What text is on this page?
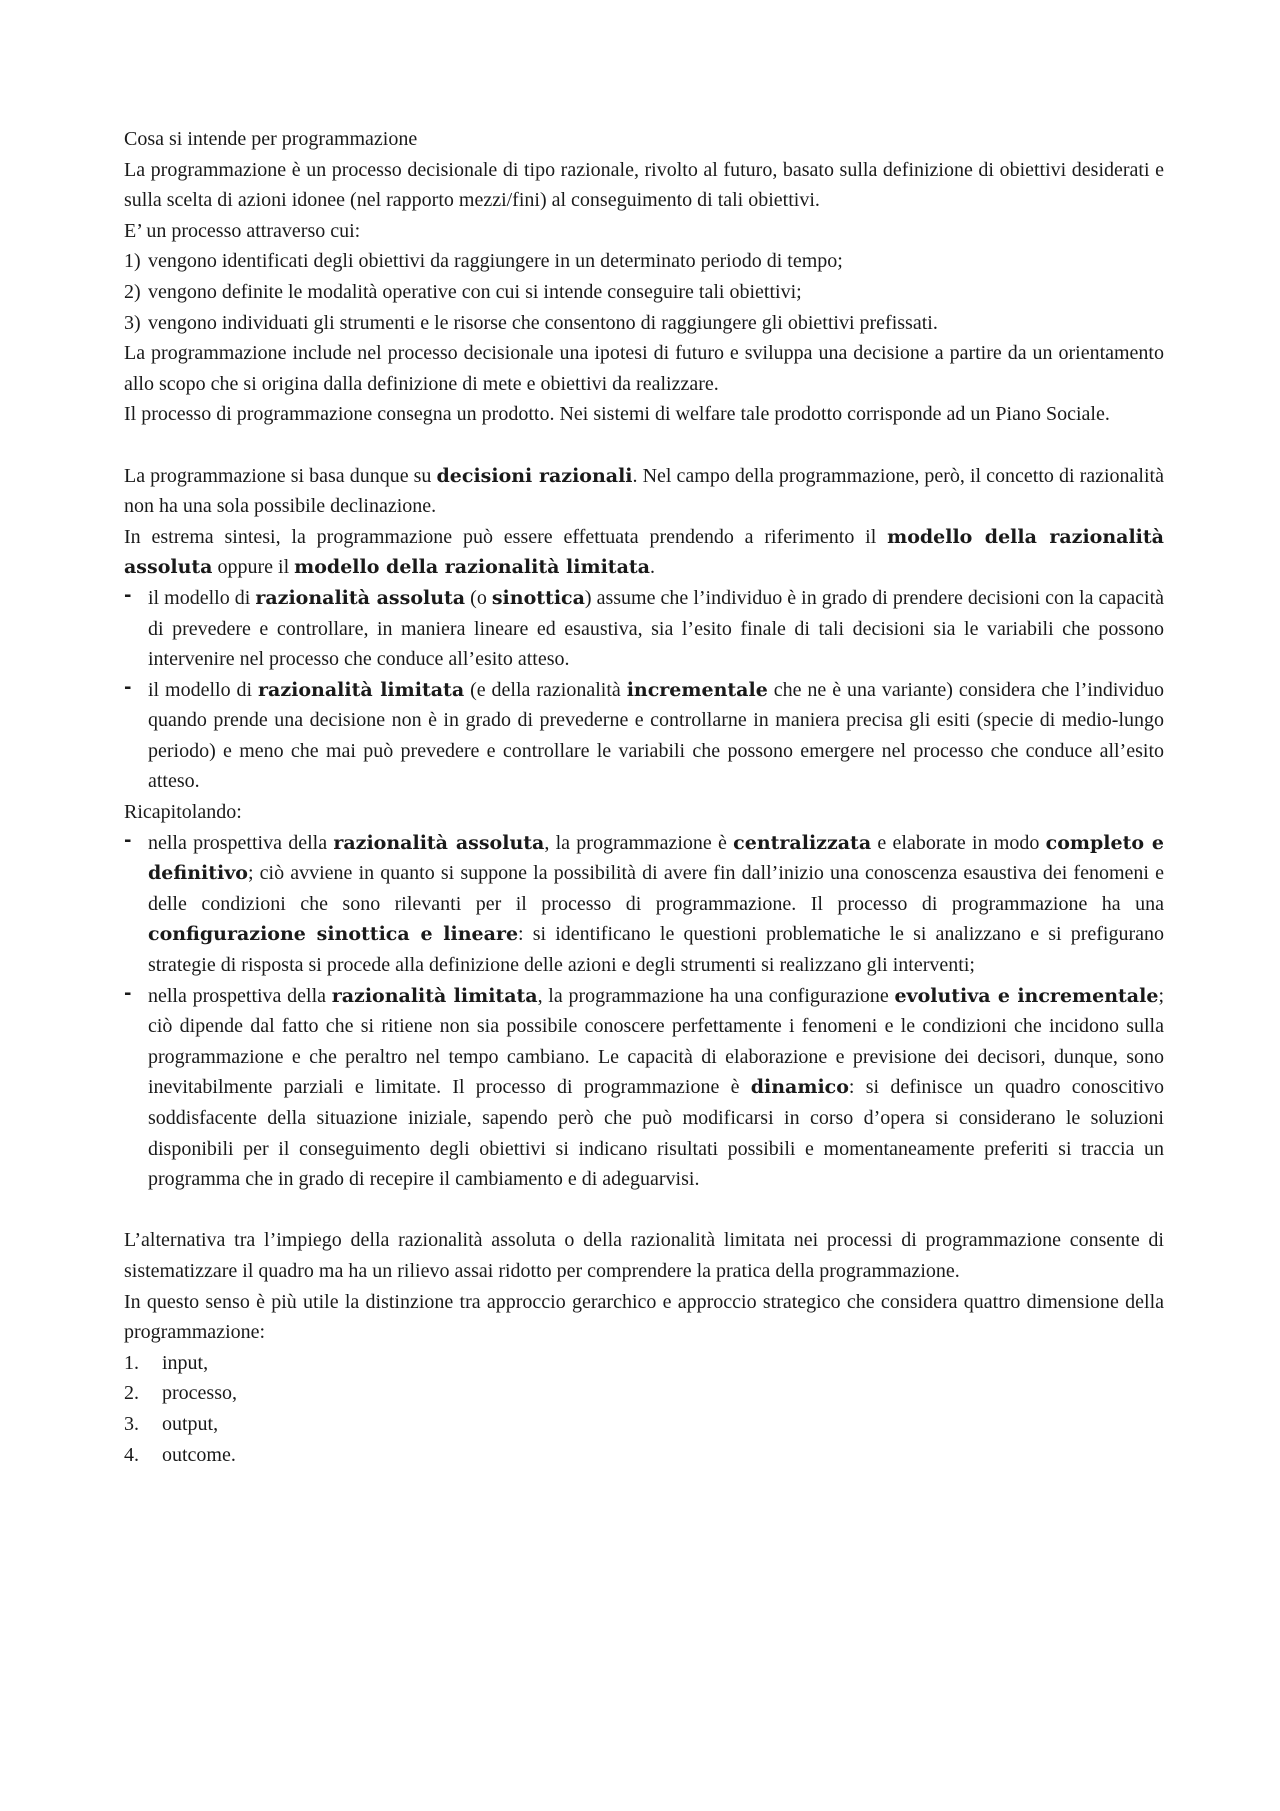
Cosa si intende per programmazione

La programmazione è un processo decisionale di tipo razionale, rivolto al futuro, basato sulla definizione di obiettivi desiderati e sulla scelta di azioni idonee (nel rapporto mezzi/fini) al conseguimento di tali obiettivi.

E’ un processo attraverso cui:

1) vengono identificati degli obiettivi da raggiungere in un determinato periodo di tempo;
2) vengono definite le modalità operative con cui si intende conseguire tali obiettivi;
3) vengono individuati gli strumenti e le risorse che consentono di raggiungere gli obiettivi prefissati.

La programmazione include nel processo decisionale una ipotesi di futuro e sviluppa una decisione a partire da un orientamento allo scopo che si origina dalla definizione di mete e obiettivi da realizzare.

Il processo di programmazione consegna un prodotto. Nei sistemi di welfare tale prodotto corrisponde ad un Piano Sociale.

La programmazione si basa dunque su decisioni razionali. Nel campo della programmazione, però, il concetto di razionalità non ha una sola possibile declinazione.

In estrema sintesi, la programmazione può essere effettuata prendendo a riferimento il modello della razionalità assoluta oppure il modello della razionalità limitata.

- il modello di razionalità assoluta (o sinottica) assume che l’individuo è in grado di prendere decisioni con la capacità di prevedere e controllare, in maniera lineare ed esaustiva, sia l’esito finale di tali decisioni sia le variabili che possono intervenire nel processo che conduce all’esito atteso.
- il modello di razionalità limitata (e della razionalità incrementale che ne è una variante) considera che l’individuo quando prende una decisione non è in grado di prevederne e controllarne in maniera precisa gli esiti (specie di medio-lungo periodo) e meno che mai può prevedere e controllare le variabili che possono emergere nel processo che conduce all’esito atteso.

Ricapitolando:

- nella prospettiva della razionalità assoluta, la programmazione è centralizzata e elaborate in modo completo e definitivo; ciò avviene in quanto si suppone la possibilità di avere fin dall’inizio una conoscenza esaustiva dei fenomeni e delle condizioni che sono rilevanti per il processo di programmazione. Il processo di programmazione ha una configurazione sinottica e lineare: si identificano le questioni problematiche le si analizzano e si prefigurano strategie di risposta si procede alla definizione delle azioni e degli strumenti si realizzano gli interventi;
- nella prospettiva della razionalità limitata, la programmazione ha una configurazione evolutiva e incrementale; ciò dipende dal fatto che si ritiene non sia possibile conoscere perfettamente i fenomeni e le condizioni che incidono sulla programmazione e che peraltro nel tempo cambiano. Le capacità di elaborazione e previsione dei decisori, dunque, sono inevitabilmente parziali e limitate. Il processo di programmazione è dinamico: si definisce un quadro conoscitivo soddisfacente della situazione iniziale, sapendo però che può modificarsi in corso d’opera si considerano le soluzioni disponibili per il conseguimento degli obiettivi si indicano risultati possibili e momentaneamente preferiti si traccia un programma che in grado di recepire il cambiamento e di adeguarvisi.

L’alternativa tra l’impiego della razionalità assoluta o della razionalità limitata nei processi di programmazione consente di sistematizzare il quadro ma ha un rilievo assai ridotto per comprendere la pratica della programmazione.

In questo senso è più utile la distinzione tra approccio gerarchico e approccio strategico che considera quattro dimensione della programmazione:

1.	input,
2.	processo,
3.	output,
4.	outcome.
